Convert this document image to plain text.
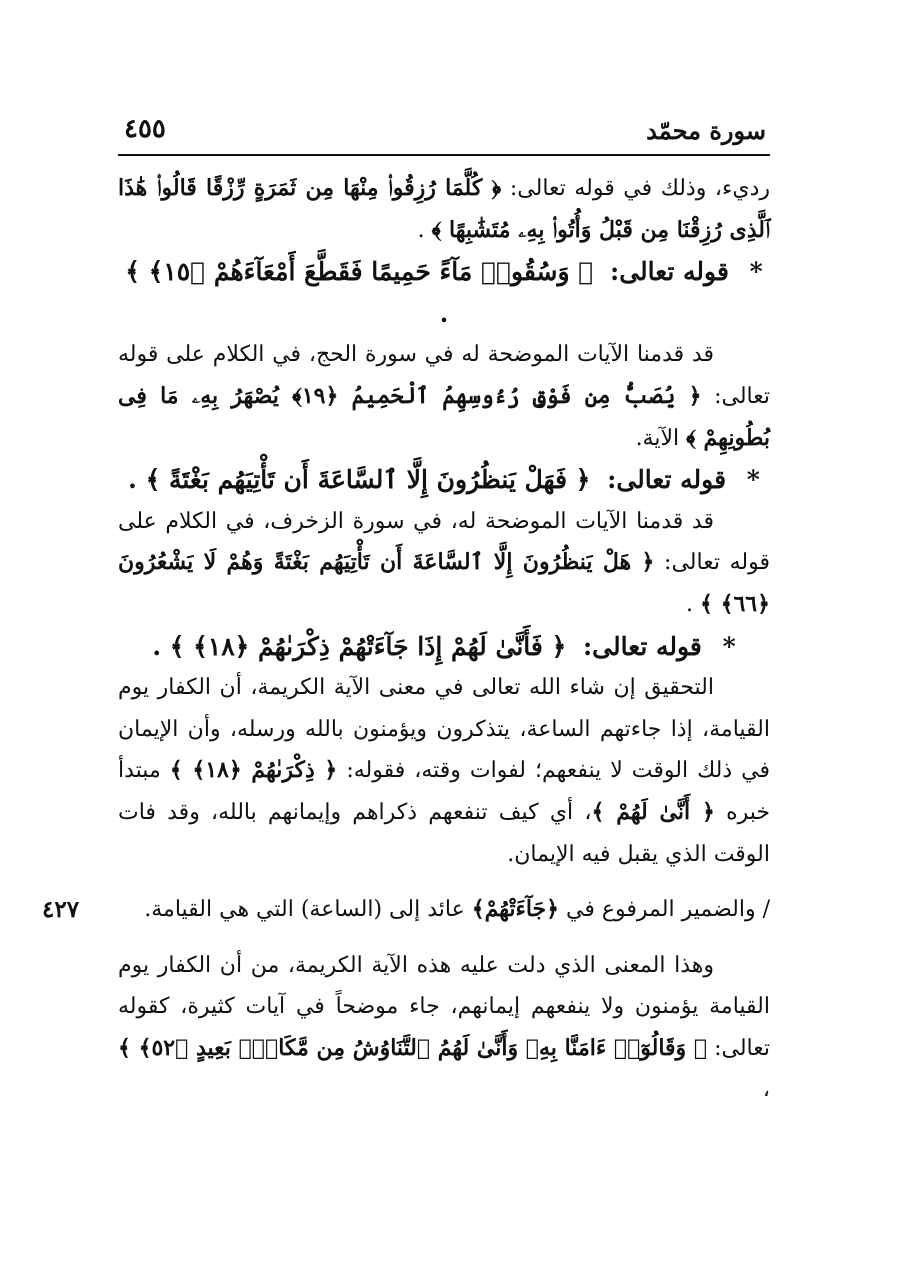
سورة محمّد
٤٥٥

رديء، وذلك في قوله تعالى: ﴿ كُلَّمَا رُزِقُوا۟ مِنْهَا مِن ثَمَرَةٍ رِّزْقًا قَالُوا۟ هَٰذَا ٱلَّذِى رُزِقْنَا مِن قَبْلُ وَأُتُوا۟ بِهِۦ مُتَشَٰبِهًا ﴾ .

* قوله تعالى: ﴿ وَسُقُوا۟ مَآءً حَمِيمًا فَقَطَّعَ أَمْعَآءَهُمْ ﴿١٥﴾ ﴾ .

قد قدمنا الآيات الموضحة له في سورة الحج، في الكلام على قوله تعالى: ﴿ يُصَبُّ مِن فَوْقِ رُءُوسِهِمُ ٱلْحَمِيمُ ﴿١٩﴾ يُصْهَرُ بِهِۦ مَا فِى بُطُونِهِمْ ﴾ الآية.

* قوله تعالى: ﴿ فَهَلْ يَنظُرُونَ إِلَّا ٱلسَّاعَةَ أَن تَأْتِيَهُم بَغْتَةً ﴾ .

قد قدمنا الآيات الموضحة له، في سورة الزخرف، في الكلام على قوله تعالى: ﴿ هَلْ يَنظُرُونَ إِلَّا ٱلسَّاعَةَ أَن تَأْتِيَهُم بَغْتَةً وَهُمْ لَا يَشْعُرُونَ ﴿٦٦﴾ ﴾ .

* قوله تعالى: ﴿ فَأَنَّىٰ لَهُمْ إِذَا جَآءَتْهُمْ ذِكْرَىٰهُمْ ﴿١٨﴾ ﴾ .

التحقيق إن شاء الله تعالى في معنى الآية الكريمة، أن الكفار يوم القيامة، إذا جاءتهم الساعة، يتذكرون ويؤمنون بالله ورسله، وأن الإيمان في ذلك الوقت لا ينفعهم؛ لفوات وقته، فقوله: ﴿ ذِكْرَىٰهُمْ ﴿١٨﴾ ﴾ مبتدأ خبره ﴿ أَنَّىٰ لَهُمْ ﴾، أي كيف تنفعهم ذكراهم وإيمانهم بالله، وقد فات الوقت الذي يقبل فيه الإيمان.

٤٢٧	/ والضمير المرفوع في ﴿جَآءَتْهُمْ﴾ عائد إلى (الساعة) التي هي القيامة.

وهذا المعنى الذي دلت عليه هذه الآية الكريمة، من أن الكفار يوم القيامة يؤمنون ولا ينفعهم إيمانهم، جاء موضحاً في آيات كثيرة، كقوله تعالى: ﴿ وَقَالُوٓا۟ ءَامَنَّا بِهِۦ وَأَنَّىٰ لَهُمُ ٱلتَّنَاوُشُ مِن مَّكَانٍۭ بَعِيدٍ ﴿٥٢﴾ ﴾ ،
